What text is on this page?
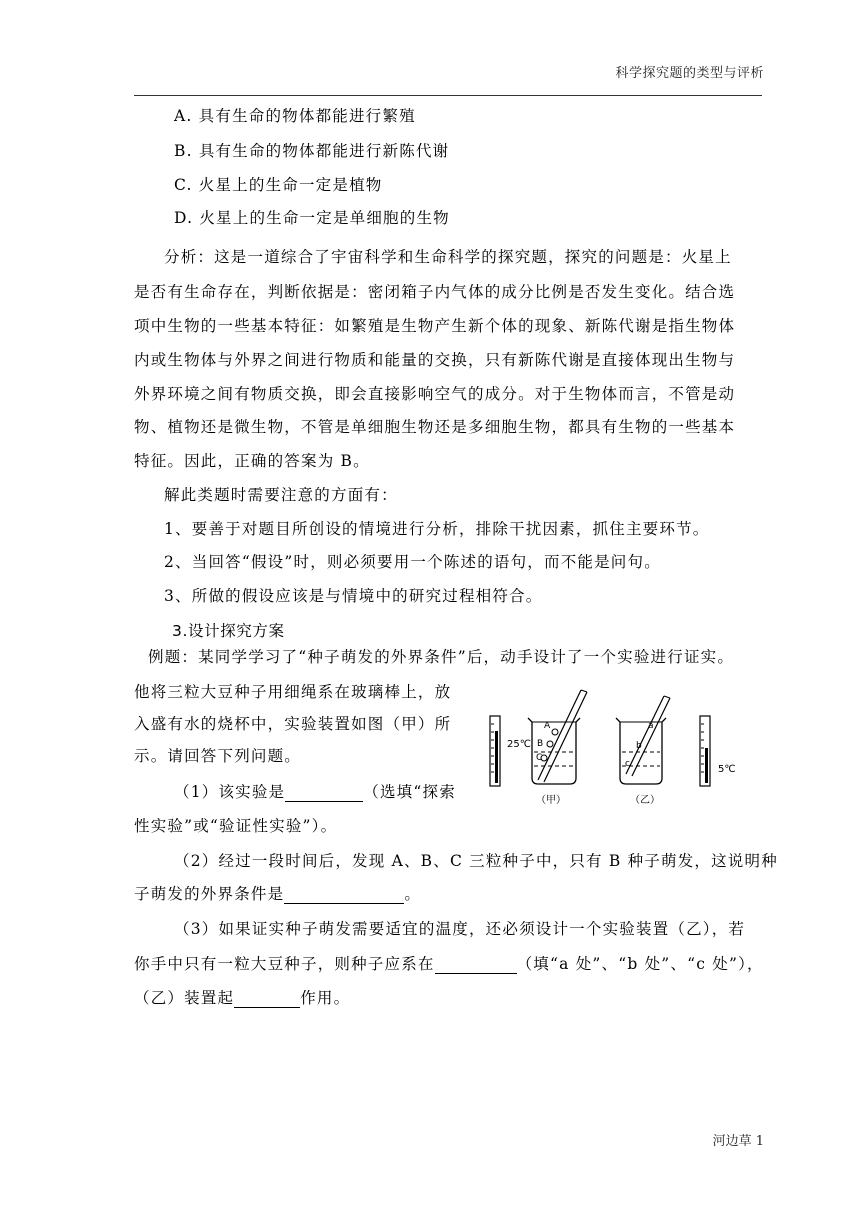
科学探究题的类型与评析
A. 具有生命的物体都能进行繁殖
B. 具有生命的物体都能进行新陈代谢
C. 火星上的生命一定是植物
D. 火星上的生命一定是单细胞的生物
分析：这是一道综合了宇宙科学和生命科学的探究题，探究的问题是：火星上
是否有生命存在，判断依据是：密闭箱子内气体的成分比例是否发生变化。结合选
项中生物的一些基本特征：如繁殖是生物产生新个体的现象、新陈代谢是指生物体
内或生物体与外界之间进行物质和能量的交换，只有新陈代谢是直接体现出生物与
外界环境之间有物质交换，即会直接影响空气的成分。对于生物体而言，不管是动
物、植物还是微生物，不管是单细胞生物还是多细胞生物，都具有生物的一些基本
特征。因此，正确的答案为 B。
解此类题时需要注意的方面有：
1、要善于对题目所创设的情境进行分析，排除干扰因素，抓住主要环节。
2、当回答“假设”时，则必须要用一个陈述的语句，而不能是问句。
3、所做的假设应该是与情境中的研究过程相符合。
3.设计探究方案
例题：某同学学习了“种子萌发的外界条件”后，动手设计了一个实验进行证实。
他将三粒大豆种子用细绳系在玻璃棒上，放
入盛有水的烧杯中，实验装置如图（甲）所
示。请回答下列问题。
（1）该实验是	（选填“探索
性实验”或“验证性实验”）。
（2）经过一段时间后，发现 A、B、C 三粒种子中，只有 B 种子萌发，这说明种
子萌发的外界条件是	。
（3）如果证实种子萌发需要适宜的温度，还必须设计一个实验装置（乙），若
你手中只有一粒大豆种子，则种子应系在	（填“a 处”、“b 处”、“c 处”），
（乙）装置起	作用。
25℃
A
B
C
（甲）
a
b
c
（乙）
5℃
河边草 1
